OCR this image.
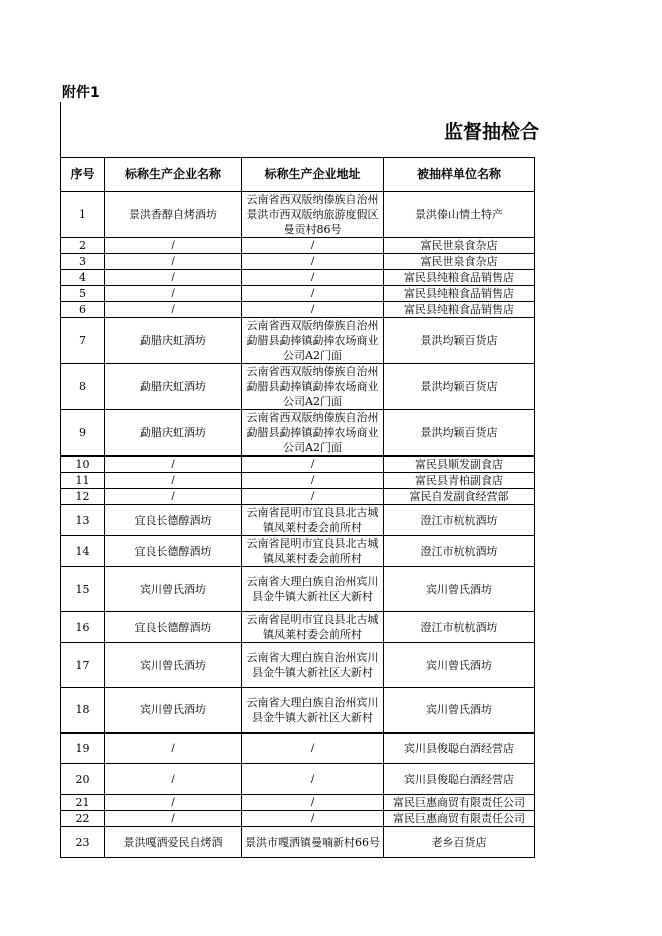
附件1
监督抽检合
序号	标称生产企业名称	标称生产企业地址	被抽样单位名称
1	景洪香醇自烤酒坊	云南省西双版纳傣族自治州景洪市西双版纳旅游度假区曼贡村86号	景洪傣山情土特产
2	/	/	富民世泉食杂店
3	/	/	富民世泉食杂店
4	/	/	富民县纯粮食品销售店
5	/	/	富民县纯粮食品销售店
6	/	/	富民县纯粮食品销售店
7	勐腊庆虹酒坊	云南省西双版纳傣族自治州勐腊县勐捧镇勐捧农场商业公司A2门面	景洪均颖百货店
8	勐腊庆虹酒坊	云南省西双版纳傣族自治州勐腊县勐捧镇勐捧农场商业公司A2门面	景洪均颖百货店
9	勐腊庆虹酒坊	云南省西双版纳傣族自治州勐腊县勐捧镇勐捧农场商业公司A2门面	景洪均颖百货店
10	/	/	富民县顺发副食店
11	/	/	富民县青柏副食店
12	/	/	富民自发副食经营部
13	宜良长德醇酒坊	云南省昆明市宜良县北古城镇凤莱村委会前所村	澄江市杭杭酒坊
14	宜良长德醇酒坊	云南省昆明市宜良县北古城镇凤莱村委会前所村	澄江市杭杭酒坊
15	宾川曾氏酒坊	云南省大理白族自治州宾川县金牛镇大新社区大新村	宾川曾氏酒坊
16	宜良长德醇酒坊	云南省昆明市宜良县北古城镇凤莱村委会前所村	澄江市杭杭酒坊
17	宾川曾氏酒坊	云南省大理白族自治州宾川县金牛镇大新社区大新村	宾川曾氏酒坊
18	宾川曾氏酒坊	云南省大理白族自治州宾川县金牛镇大新社区大新村	宾川曾氏酒坊
19	/	/	宾川县俊聪白酒经营店
20	/	/	宾川县俊聪白酒经营店
21	/	/	富民巨惠商贸有限责任公司
22	/	/	富民巨惠商贸有限责任公司
23	景洪嘎洒爱民自烤酒	景洪市嘎洒镇曼喃新村66号	老乡百货店
